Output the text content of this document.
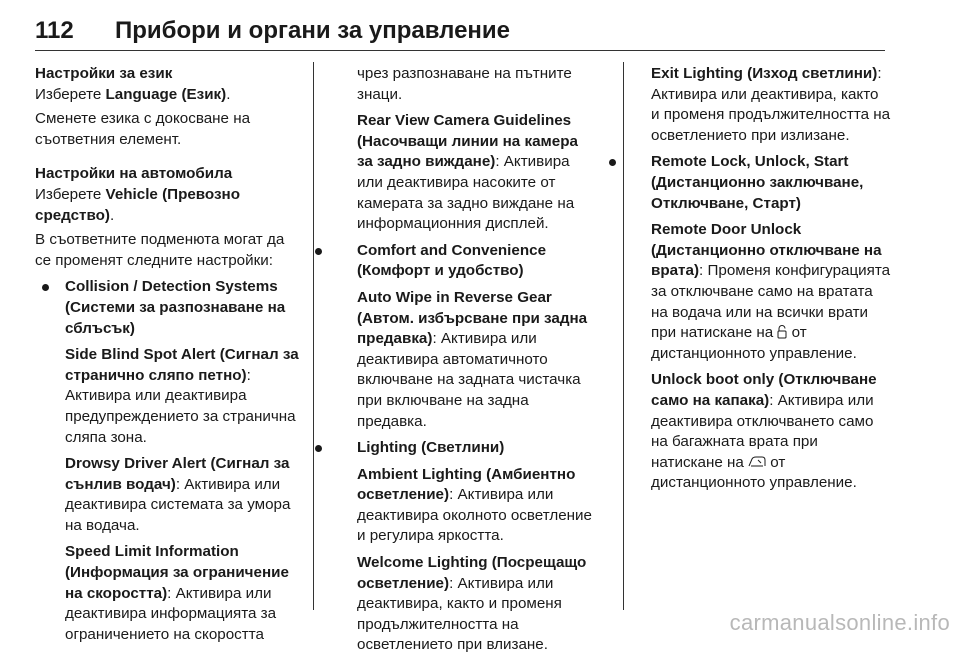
112 Прибори и органи за управление
Настройки за език
Изберете Language (Език).

Сменете езика с докосване на съответния елемент.

Настройки на автомобила
Изберете Vehicle (Превозно средство).

В съответните подменюта могат да се променят следните настройки:

Collision / Detection Systems (Системи за разпознаване на сблъсък)

Side Blind Spot Alert (Сигнал за странично сляпо петно): Активира или деактивира предупреждението за странична сляпа зона.

Drowsy Driver Alert (Сигнал за сънлив водач): Активира или деактивира системата за умора на водача.

Speed Limit Information (Информация за ограничение на скоростта): Активира или деактивира информацията за ограничението на скоростта

чрез разпознаване на пътните знаци.

Rear View Camera Guidelines (Насочващи линии на камера за задно виждане): Активира или деактивира насоките от камерата за задно виждане на информационния дисплей.

Comfort and Convenience (Комфорт и удобство)

Auto Wipe in Reverse Gear (Автом. избърсване при задна предавка): Активира или деактивира автоматичното включване на задната чистачка при включване на задна предавка.

Lighting (Светлини)

Ambient Lighting (Амбиентно осветление): Активира или деактивира околното осветление и регулира яркостта.

Welcome Lighting (Посрещащо осветление): Активира или деактивира, както и променя продължителността на осветлението при влизане.

Exit Lighting (Изход светлини): Активира или деактивира, както и променя продължителността на осветлението при излизане.

Remote Lock, Unlock, Start (Дистанционно заключване, Отключване, Старт)

Remote Door Unlock (Дистанционно отключване на врата): Променя конфигурацията за отключване само на вратата на водача или на всички врати при натискане на  от дистанционното управление.

Unlock boot only (Отключване само на капака): Активира или деактивира отключването само на багажната врата при натискане на  от дистанционното управление.

carmanualsonline.info
